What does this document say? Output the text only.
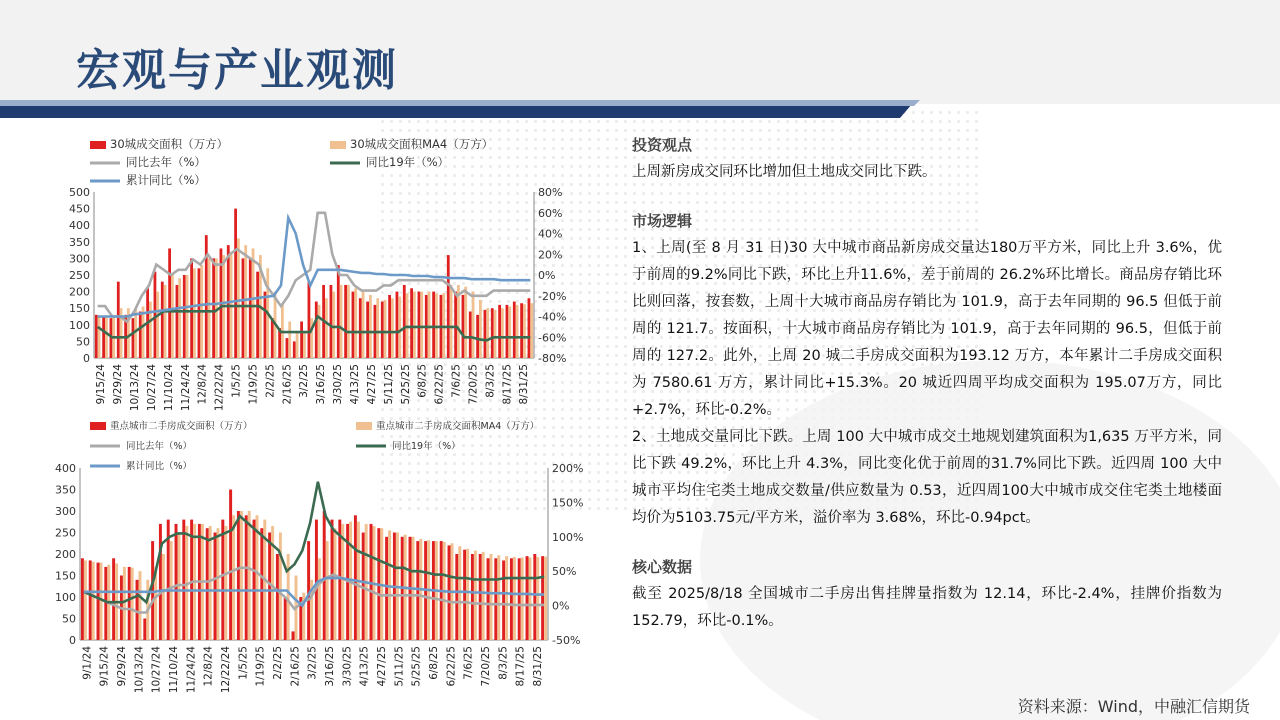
宏观与产业观测
30城成交面积（万方）	30城成交面积MA4（万方）
同比去年（%）	同比19年（%）
累计同比（%）
500
450
400
350
300
250
200
150
100
50
0
80%
60%
40%
20%
0%
-20%
-40%
-60%
-80%
9/15/24 9/29/24 10/13/24 10/27/24 11/10/24 11/24/24 12/8/24 12/22/24 1/5/25 1/19/25 2/2/25 2/16/25 3/2/25 3/16/25 3/30/25 4/13/25 4/27/25 5/11/25 5/25/25 6/8/25 6/22/25 7/6/25 7/20/25 8/3/25 8/17/25 8/31/25
重点城市二手房成交面积（万方）	重点城市二手房成交面积MA4（万方）
同比去年（%）	同比19年（%）
累计同比（%）
400
350
300
250
200
150
100
50
0
200%
150%
100%
50%
0%
-50%
9/1/24 9/15/24 9/29/24 10/13/24 10/27/24 11/10/24 11/24/24 12/8/24 12/22/24 1/5/25 1/19/25 2/2/25 2/16/25 3/2/25 3/16/25 3/30/25 4/13/25 4/27/25 5/11/25 5/25/25 6/8/25 6/22/25 7/6/25 7/20/25 8/3/25 8/17/25 8/31/25
投资观点
上周新房成交同环比增加但土地成交同比下跌。
市场逻辑
1、上周(至 8 月 31 日)30 大中城市商品新房成交量达180万平方米，同比上升 3.6%，优于前周的9.2%同比下跌，环比上升11.6%，差于前周的 26.2%环比增长。商品房存销比环比则回落，按套数，上周十大城市商品房存销比为 101.9，高于去年同期的 96.5 但低于前周的 121.7。按面积，十大城市商品房存销比为 101.9，高于去年同期的 96.5，但低于前周的 127.2。此外，上周 20 城二手房成交面积为193.12 万方，本年累计二手房成交面积为 7580.61 万方，累计同比+15.3%。20 城近四周平均成交面积为 195.07万方，同比+2.7%，环比-0.2%。
2、土地成交量同比下跌。上周 100 大中城市成交土地规划建筑面积为1,635 万平方米，同比下跌 49.2%，环比上升 4.3%，同比变化优于前周的31.7%同比下跌。近四周 100 大中城市平均住宅类土地成交数量/供应数量为 0.53，近四周100大中城市成交住宅类土地楼面均价为5103.75元/平方米，溢价率为 3.68%，环比-0.94pct。
核心数据
截至 2025/8/18 全国城市二手房出售挂牌量指数为 12.14，环比-2.4%，挂牌价指数为 152.79，环比-0.1%。
资料来源：Wind，中融汇信期货
